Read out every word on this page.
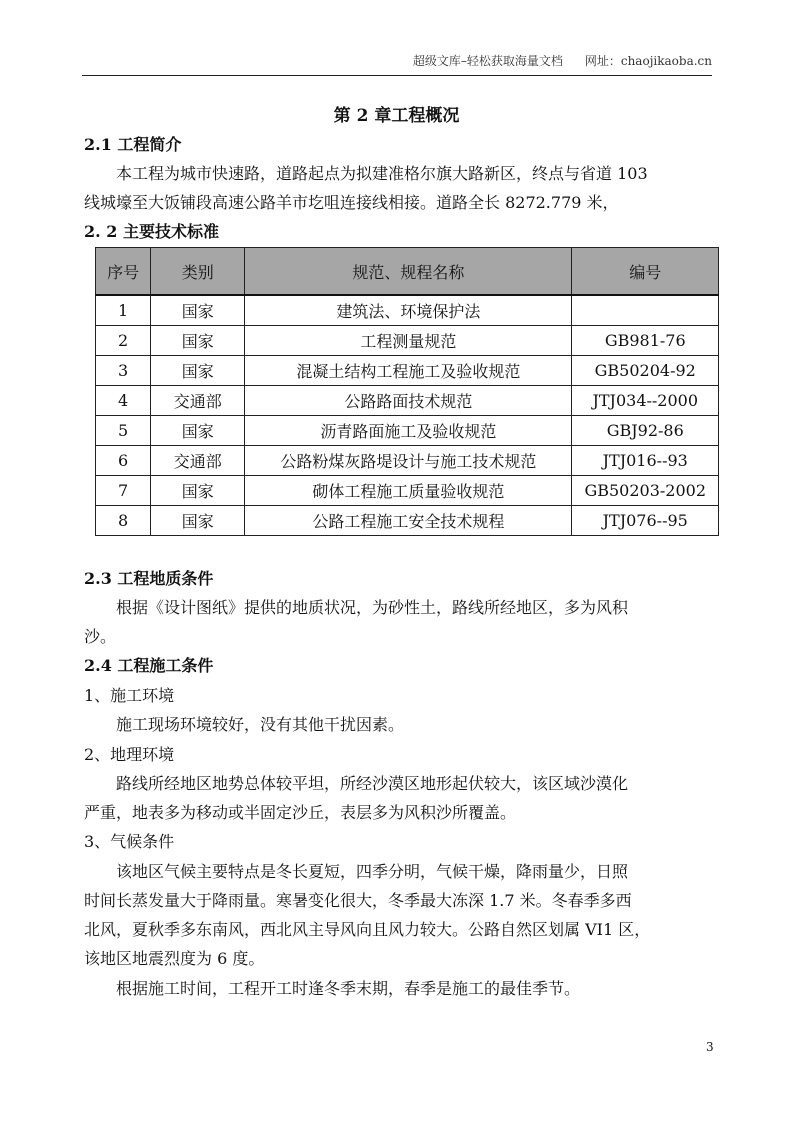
超级文库–轻松获取海量文档 网址：chaojikaoba.cn
第 2 章工程概况
2.1 工程简介
　　本工程为城市快速路，道路起点为拟建准格尔旗大路新区，终点与省道 103
线城壕至大饭铺段高速公路羊市圪咀连接线相接。道路全长 8272.779 米，
2. 2 主要技术标准
序号	类别	规范、规程名称	编号
1	国家	建筑法、环境保护法	
2	国家	工程测量规范	GB981-76
3	国家	混凝土结构工程施工及验收规范	GB50204-92
4	交通部	公路路面技术规范	JTJ034--2000
5	国家	沥青路面施工及验收规范	GBJ92-86
6	交通部	公路粉煤灰路堤设计与施工技术规范	JTJ016--93
7	国家	砌体工程施工质量验收规范	GB50203-2002
8	国家	公路工程施工安全技术规程	JTJ076--95
2.3 工程地质条件
　　根据《设计图纸》提供的地质状况，为砂性土，路线所经地区，多为风积
沙。
2.4 工程施工条件
1、施工环境
　　施工现场环境较好，没有其他干扰因素。
2、地理环境
　　路线所经地区地势总体较平坦，所经沙漠区地形起伏较大，该区域沙漠化
严重，地表多为移动或半固定沙丘，表层多为风积沙所覆盖。
3、气候条件
　　该地区气候主要特点是冬长夏短，四季分明，气候干燥，降雨量少，日照
时间长蒸发量大于降雨量。寒暑变化很大，冬季最大冻深 1.7 米。冬春季多西
北风，夏秋季多东南风，西北风主导风向且风力较大。公路自然区划属 VI1 区，
该地区地震烈度为 6 度。
　　根据施工时间，工程开工时逢冬季末期，春季是施工的最佳季节。
3
